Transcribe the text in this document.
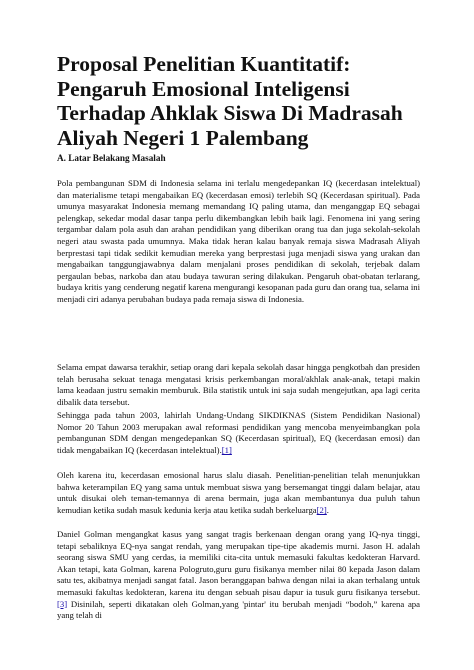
Proposal Penelitian Kuantitatif: Pengaruh Emosional Inteligensi Terhadap Ahklak Siswa Di Madrasah Aliyah Negeri 1 Palembang

A. Latar Belakang Masalah

Pola pembangunan SDM di Indonesia selama ini terlalu mengedepankan IQ (kecerdasan intelektual) dan materialisme tetapi mengabaikan EQ (kecerdasan emosi) terlebih SQ (Kecerdasan spiritual). Pada umunya masyarakat Indonesia memang memandang IQ paling utama, dan menganggap EQ sebagai pelengkap, sekedar modal dasar tanpa perlu dikembangkan lebih baik lagi. Fenomena ini yang sering tergambar dalam pola asuh dan arahan pendidikan yang diberikan orang tua dan juga sekolah-sekolah negeri atau swasta pada umumnya. Maka tidak heran kalau banyak remaja siswa Madrasah Aliyah berprestasi tapi tidak sedikit kemudian mereka yang berprestasi juga menjadi siswa yang urakan dan mengabaikan tanggungjawabnya dalam menjalani proses pendidikan di sekolah, terjebak dalam pergaulan bebas, narkoba dan atau budaya tawuran sering dilakukan. Pengaruh obat-obatan terlarang, budaya kritis yang cenderung negatif karena mengurangi kesopanan pada guru dan orang tua, selama ini menjadi ciri adanya perubahan budaya pada remaja siswa di Indonesia.

Selama empat dawarsa terakhir, setiap orang dari kepala sekolah dasar hingga pengkotbah dan presiden telah berusaha sekuat tenaga mengatasi krisis perkembangan moral/akhlak anak-anak, tetapi makin lama keadaan justru semakin memburuk. Bila statistik untuk ini saja sudah mengejutkan, apa lagi cerita dibalik data tersebut.

Sehingga pada tahun 2003, lahirlah Undang-Undang SIKDIKNAS (Sistem Pendidikan Nasional) Nomor 20 Tahun 2003 merupakan awal reformasi pendidikan yang mencoba menyeimbangkan pola pembangunan SDM dengan mengedepankan SQ (Kecerdasan spiritual), EQ (kecerdasan emosi) dan tidak mengabaikan IQ (kecerdasan intelektual).[1]

Oleh karena itu, kecerdasan emosional harus slalu diasah. Penelitian-penelitian telah menunjukkan bahwa keterampilan EQ yang sama untuk membuat siswa yang bersemangat tinggi dalam belajar, atau untuk disukai oleh teman-temannya di arena bermain, juga akan membantunya dua puluh tahun kemudian ketika sudah masuk kedunia kerja atau ketika sudah berkeluarga[2].

Daniel Golman mengangkat kasus yang sangat tragis berkenaan dengan orang yang IQ-nya tinggi, tetapi sebaliknya EQ-nya sangat rendah, yang merupakan tipe-tipe akademis murni. Jason H. adalah seorang siswa SMU yang cerdas, ia memiliki cita-cita untuk memasuki fakultas kedokteran Harvard. Akan tetapi, kata Golman, karena Pologruto,guru guru fisikanya member nilai 80 kepada Jason dalam satu tes, akibatnya menjadi sangat fatal. Jason beranggapan bahwa dengan nilai ia akan terhalang untuk memasuki fakultas kedokteran, karena itu dengan sebuah pisau dapur ia tusuk guru fisikanya tersebut.[3] Disinilah, seperti dikatakan oleh Golman,yang 'pintar' itu berubah menjadi “bodoh,” karena apa yang telah di
